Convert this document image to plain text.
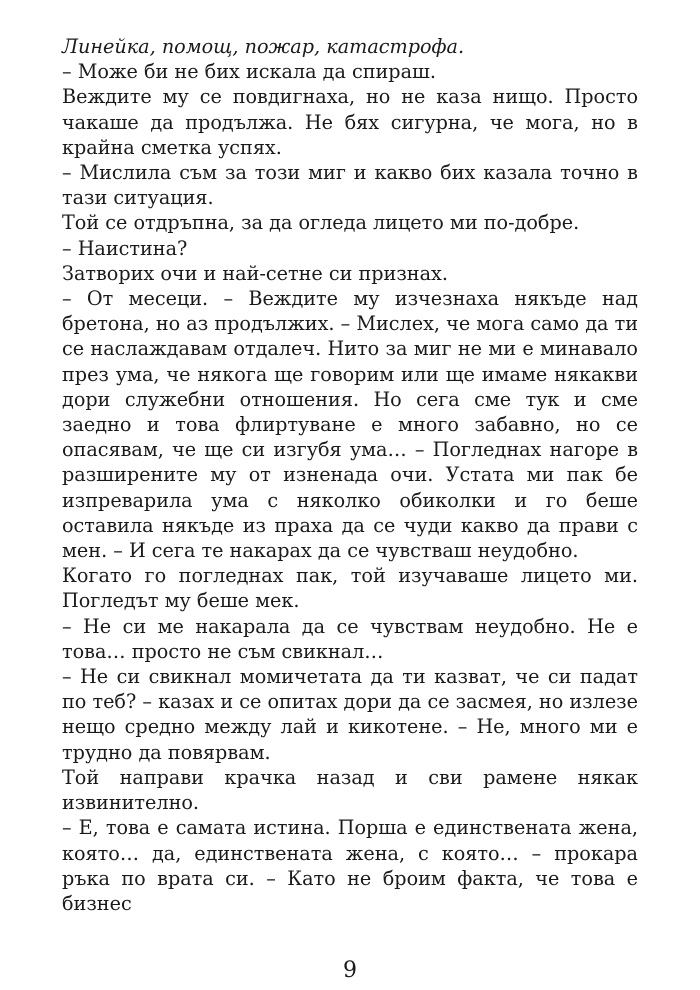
Линейка, помощ, пожар, катастрофа.

– Може би не бих искала да спираш.

Веждите му се повдигнаха, но не каза нищо. Просто чакаше да продължа. Не бях сигурна, че мога, но в крайна сметка успях.

– Мислила съм за този миг и какво бих казала точно в тази ситуация.

Той се отдръпна, за да огледа лицето ми по-добре.

– Наистина?

Затворих очи и най-сетне си признах.

– От месеци. – Веждите му изчезнаха някъде над бретона, но аз продължих. – Мислех, че мога само да ти се наслаждавам отдалеч. Нито за миг не ми е минавало през ума, че някога ще говорим или ще имаме някакви дори служебни отношения. Но сега сме тук и сме заедно и това флиртуване е много забавно, но се опасявам, че ще си изгубя ума… – Погледнах нагоре в разширените му от изненада очи. Устата ми пак бе изпреварила ума с няколко обиколки и го беше оставила някъде из праха да се чуди какво да прави с мен. – И сега те накарах да се чувстваш неудобно.

Когато го погледнах пак, той изучаваше лицето ми. Погледът му беше мек.

– Не си ме накарала да се чувствам неудобно. Не е това… просто не съм свикнал…

– Не си свикнал момичетата да ти казват, че си падат по теб? – казах и се опитах дори да се засмея, но излезе нещо средно между лай и кикотене. – Не, много ми е трудно да повярвам.

Той направи крачка назад и сви рамене някак извинително.

– Е, това е самата истина. Порша е единствената жена, която… да, единствената жена, с която… – прокара ръка по врата си. – Като не броим факта, че това е бизнес

9
